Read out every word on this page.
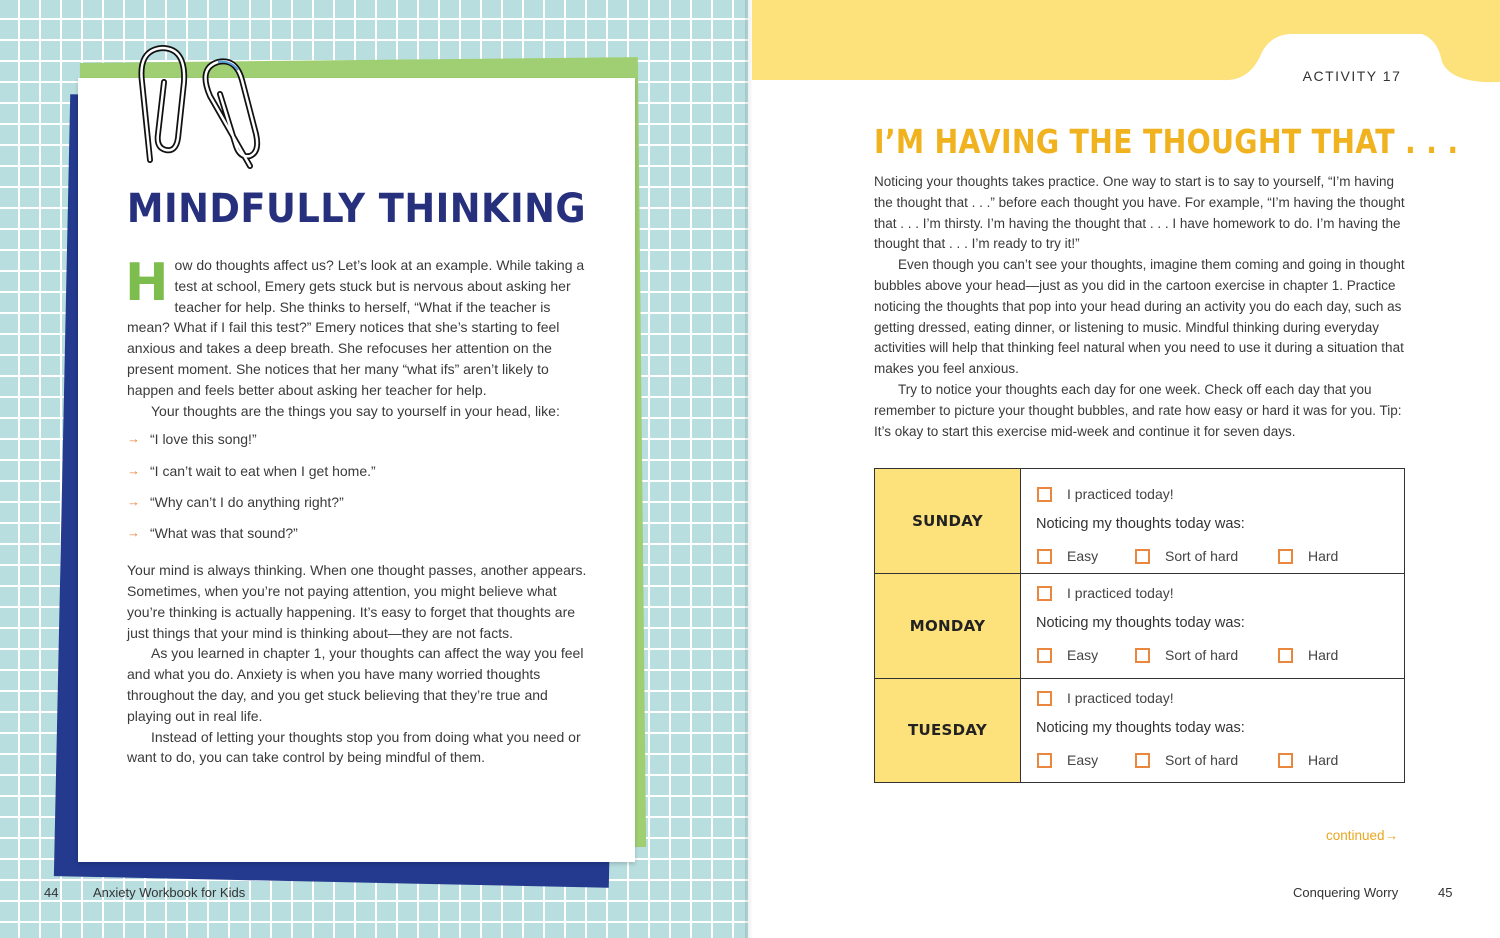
MINDFULLY THINKING

How do thoughts affect us? Let’s look at an example. While taking a test at school, Emery gets stuck but is nervous about asking her teacher for help. She thinks to herself, “What if the teacher is mean? What if I fail this test?” Emery notices that she’s starting to feel anxious and takes a deep breath. She refocuses her attention on the present moment. She notices that her many “what ifs” aren’t likely to happen and feels better about asking her teacher for help.

Your thoughts are the things you say to yourself in your head, like:

→ “I love this song!”
→ “I can’t wait to eat when I get home.”
→ “Why can’t I do anything right?”
→ “What was that sound?”

Your mind is always thinking. When one thought passes, another appears. Sometimes, when you’re not paying attention, you might believe what you’re thinking is actually happening. It’s easy to forget that thoughts are just things that your mind is thinking about—they are not facts.

As you learned in chapter 1, your thoughts can affect the way you feel and what you do. Anxiety is when you have many worried thoughts throughout the day, and you get stuck believing that they’re true and playing out in real life.

Instead of letting your thoughts stop you from doing what you need or want to do, you can take control by being mindful of them.

44	Anxiety Workbook for Kids
ACTIVITY 17
I’M HAVING THE THOUGHT THAT . . .

Noticing your thoughts takes practice. One way to start is to say to yourself, “I’m having the thought that . . .” before each thought you have. For example, “I’m having the thought that . . . I’m thirsty. I’m having the thought that . . . I have homework to do. I’m having the thought that . . . I’m ready to try it!”

Even though you can’t see your thoughts, imagine them coming and going in thought bubbles above your head—just as you did in the cartoon exercise in chapter 1. Practice noticing the thoughts that pop into your head during an activity you do each day, such as getting dressed, eating dinner, or listening to music. Mindful thinking during everyday activities will help that thinking feel natural when you need to use it during a situation that makes you feel anxious.

Try to notice your thoughts each day for one week. Check off each day that you remember to picture your thought bubbles, and rate how easy or hard it was for you. Tip: It’s okay to start this exercise mid-week and continue it for seven days.

SUNDAY
I practiced today!
Noticing my thoughts today was:
Easy	Sort of hard	Hard
MONDAY
I practiced today!
Noticing my thoughts today was:
Easy	Sort of hard	Hard
TUESDAY
I practiced today!
Noticing my thoughts today was:
Easy	Sort of hard	Hard
continued→
Conquering Worry	45
